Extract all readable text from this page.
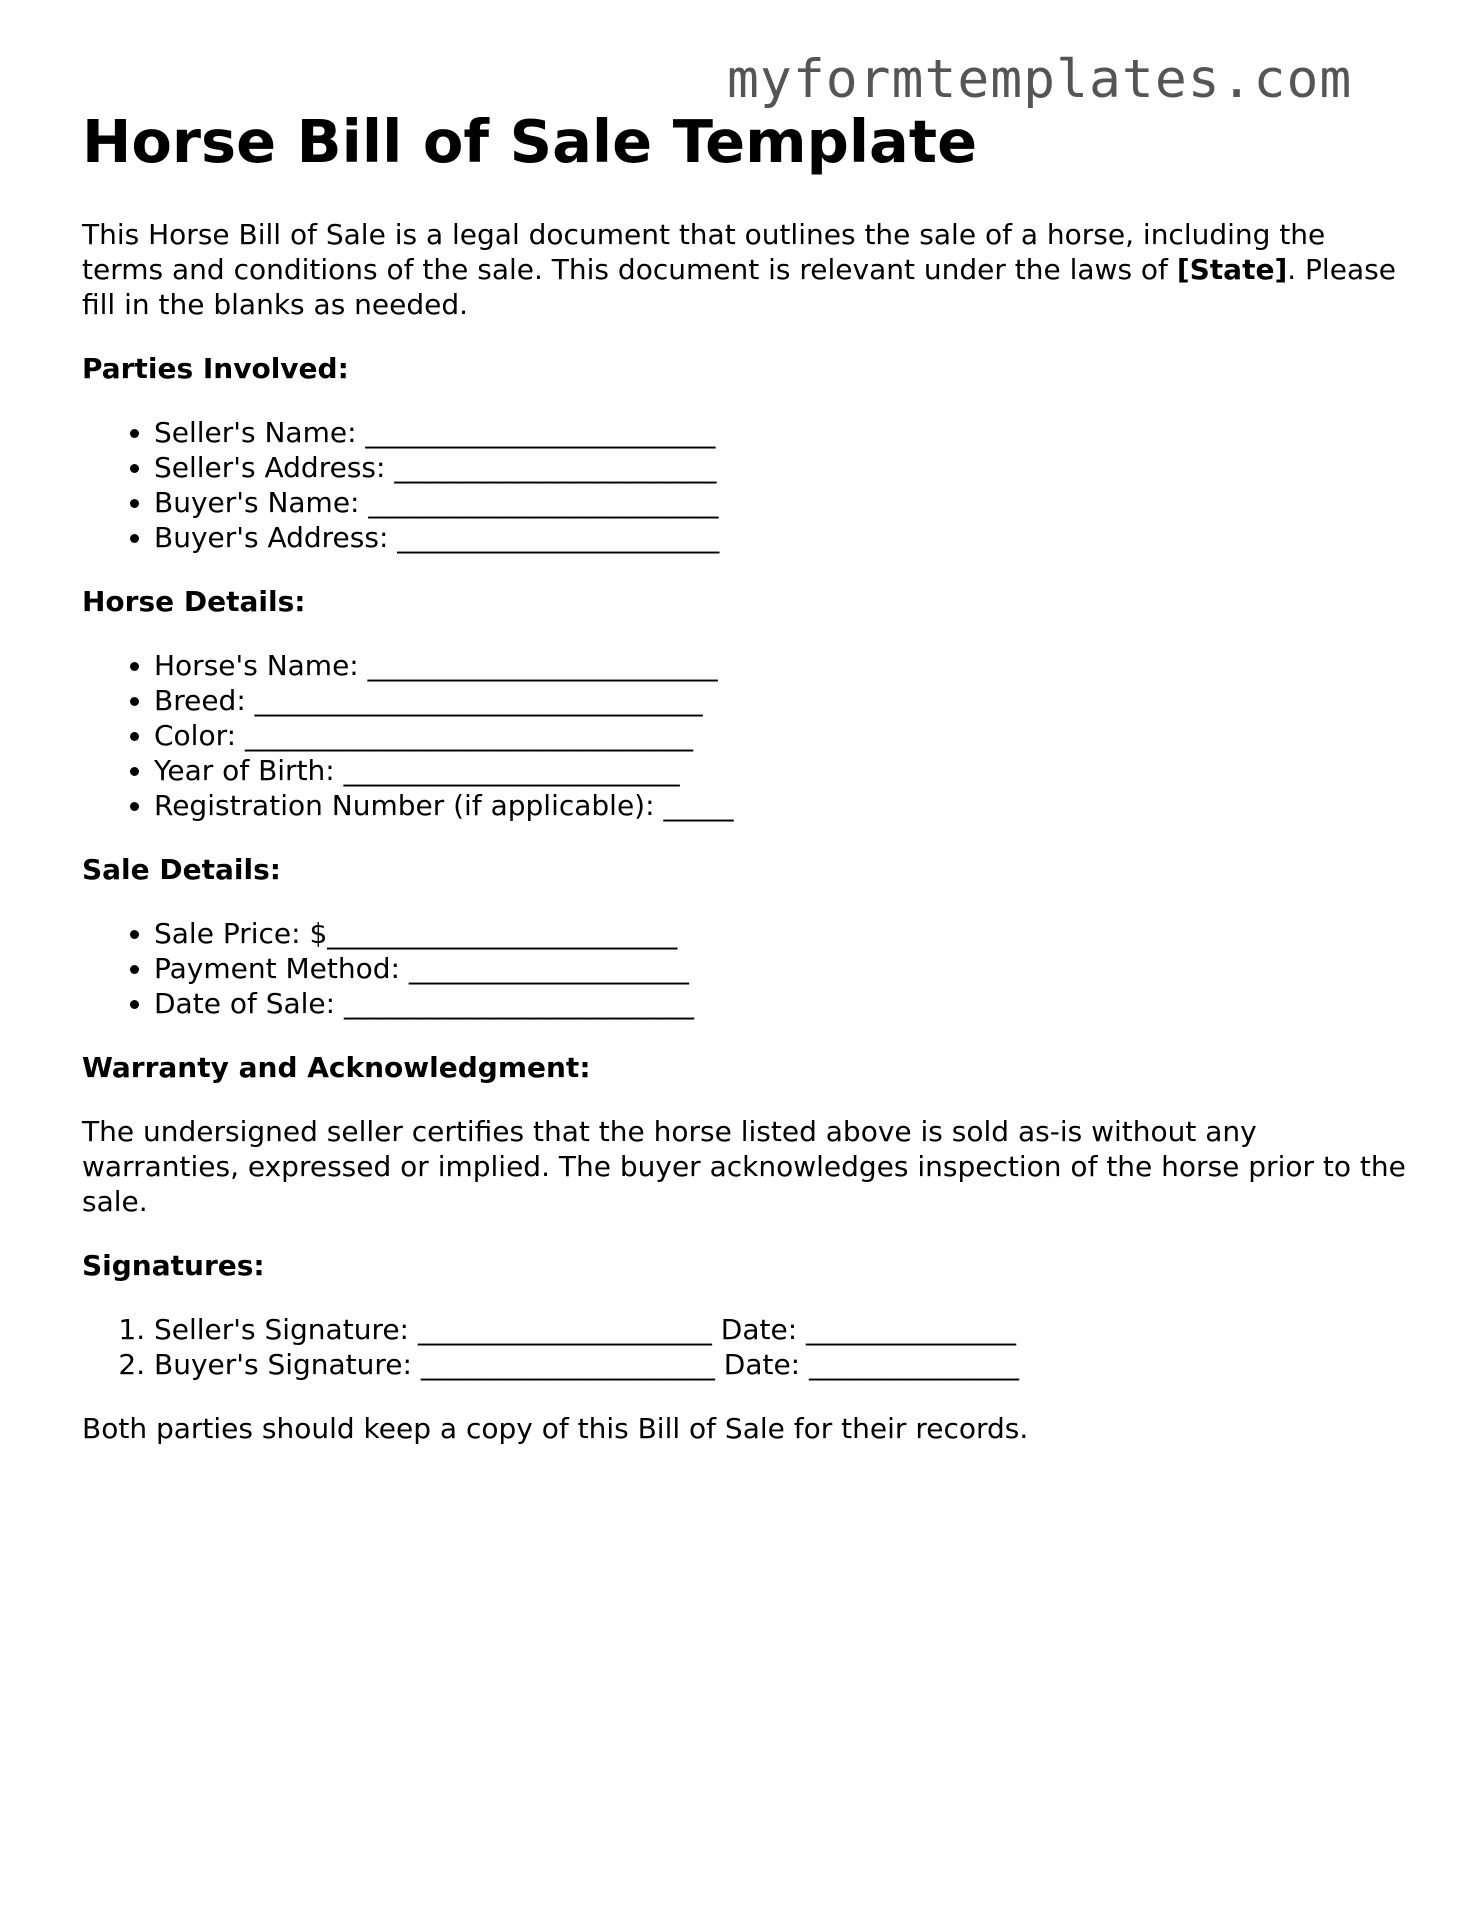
myformtemplates.com
Horse Bill of Sale Template

This Horse Bill of Sale is a legal document that outlines the sale of a horse, including the terms and conditions of the sale. This document is relevant under the laws of [State]. Please fill in the blanks as needed.

Parties Involved:
• Seller's Name: _________________________
• Seller's Address: _______________________
• Buyer's Name: _________________________
• Buyer's Address: _______________________
Horse Details:
• Horse's Name: _________________________
• Breed: ________________________________
• Color: ________________________________
• Year of Birth: ________________________
• Registration Number (if applicable): _____
Sale Details:
• Sale Price: $_________________________
• Payment Method: ____________________
• Date of Sale: _________________________
Warranty and Acknowledgment:

The undersigned seller certifies that the horse listed above is sold as-is without any warranties, expressed or implied. The buyer acknowledges inspection of the horse prior to the sale.

Signatures:
1. Seller's Signature: _____________________ Date: _______________
2. Buyer's Signature: _____________________ Date: _______________

Both parties should keep a copy of this Bill of Sale for their records.
